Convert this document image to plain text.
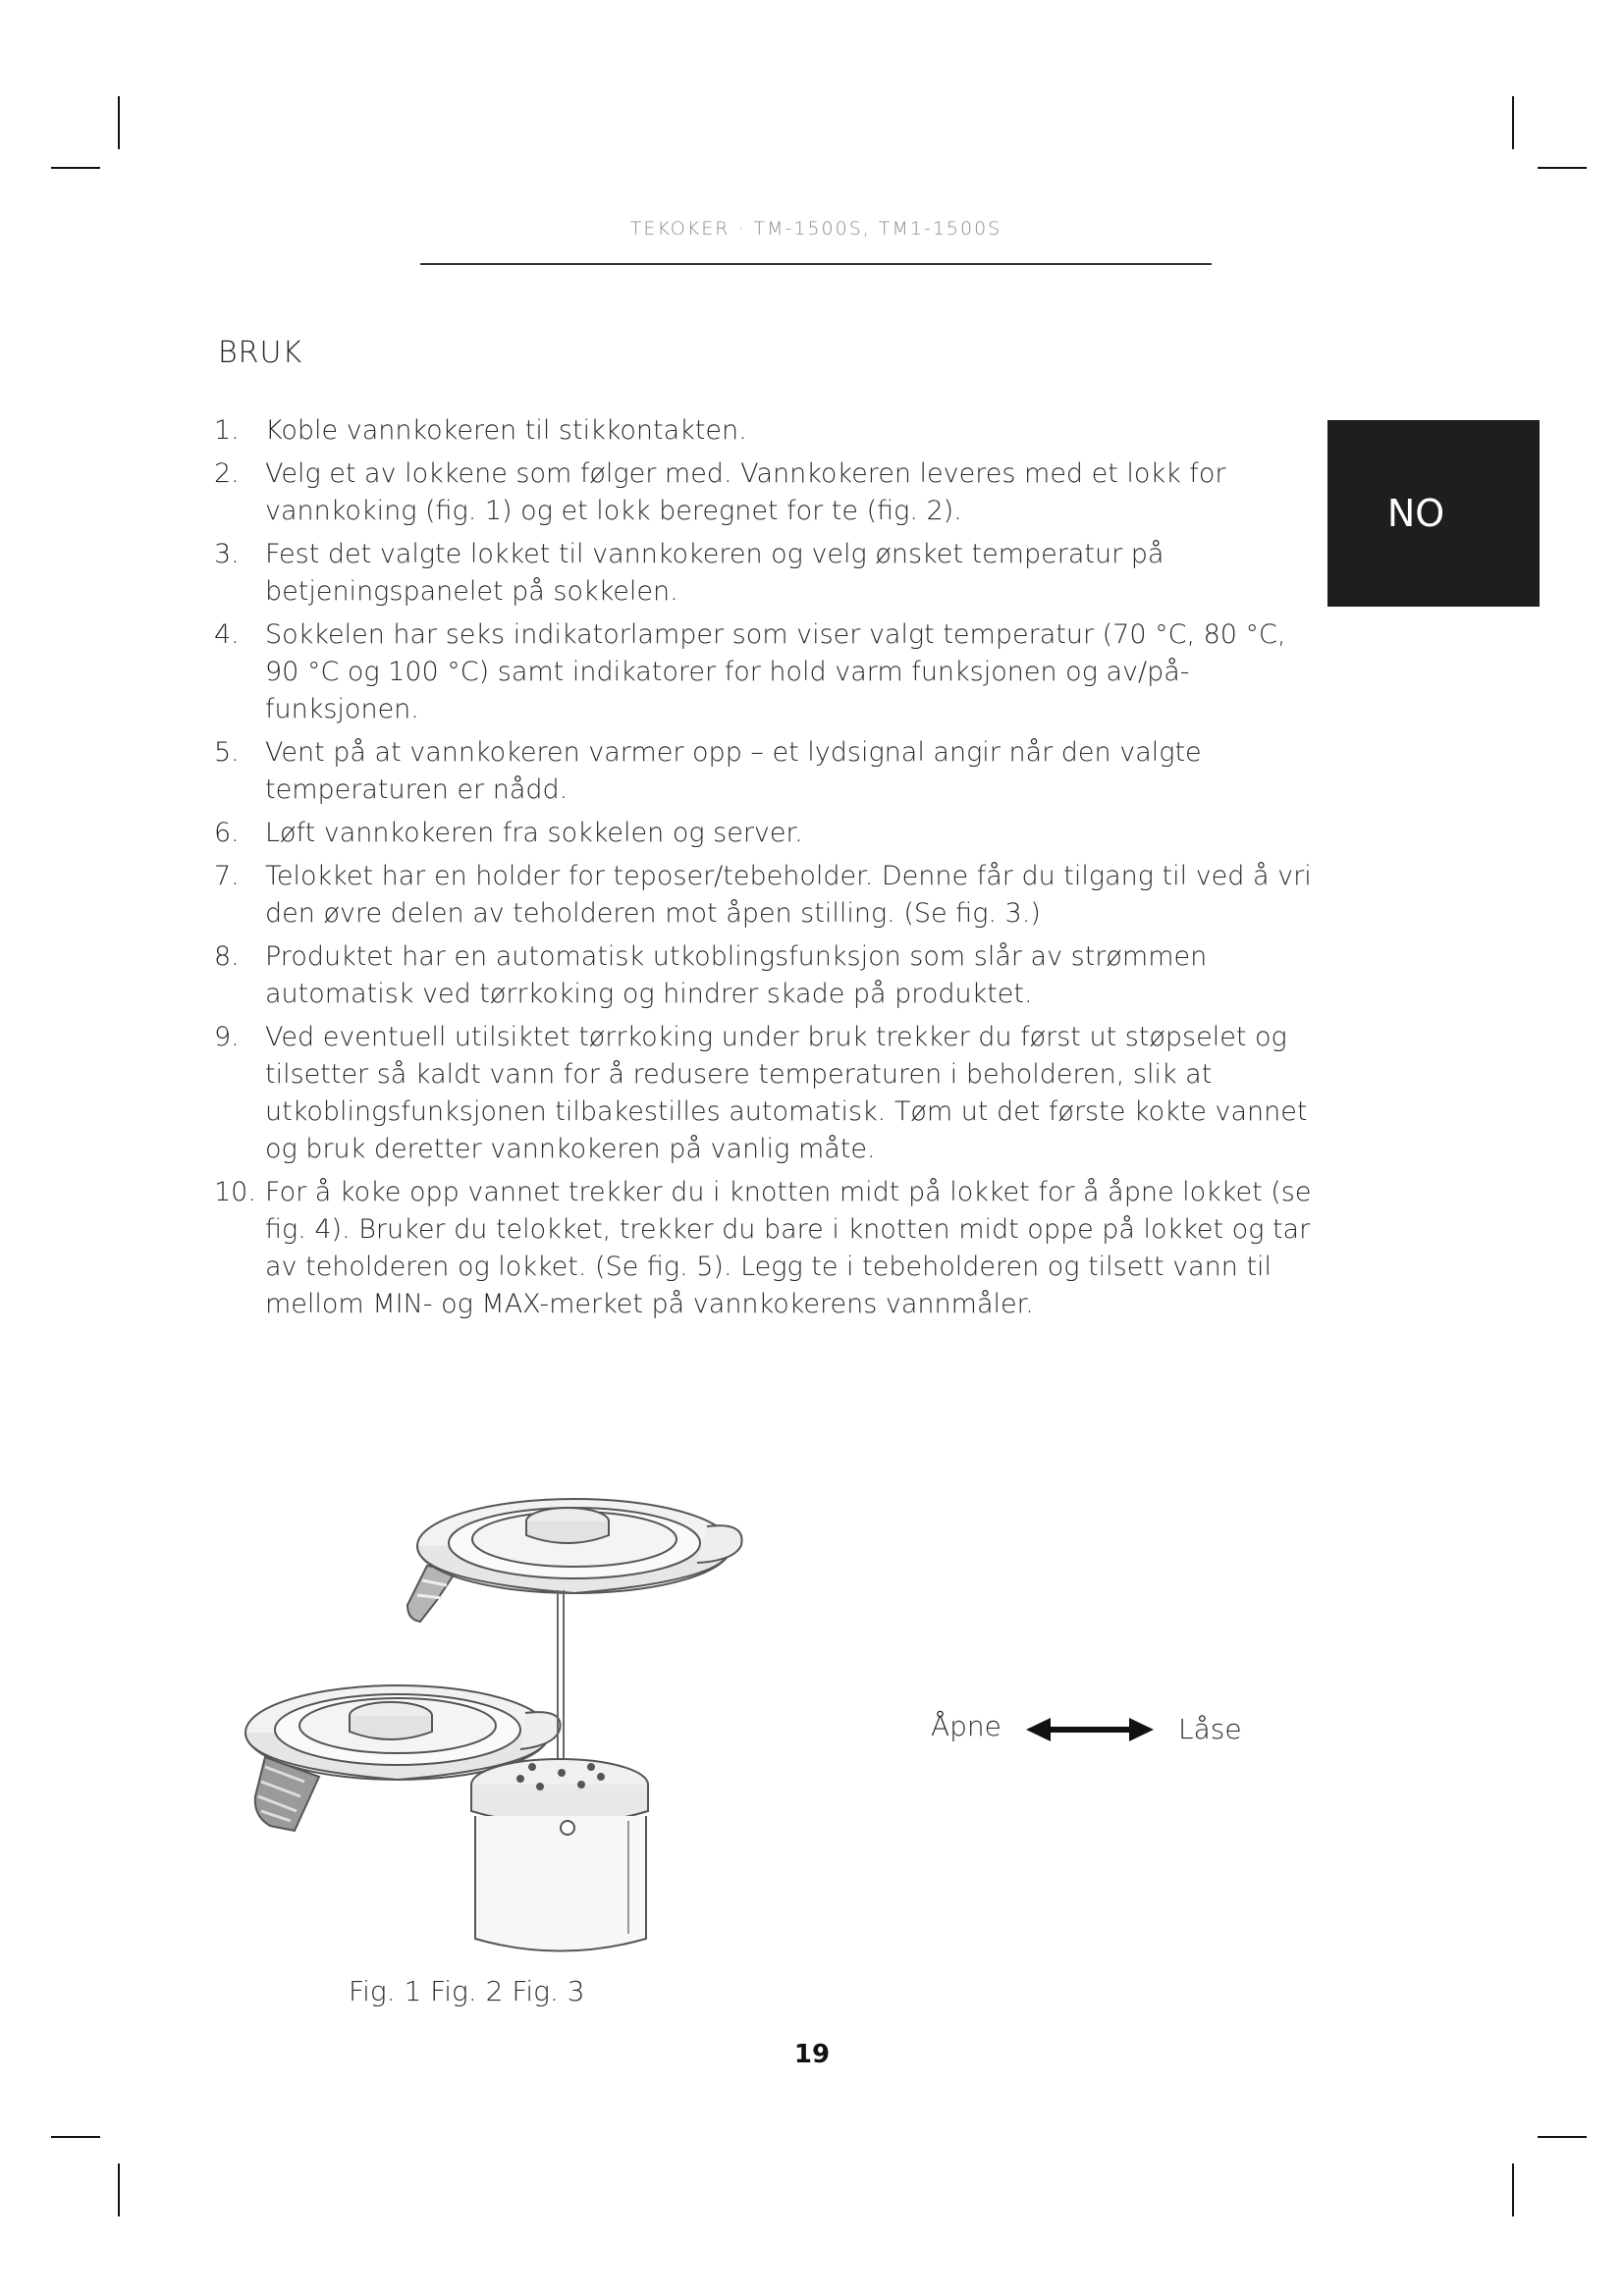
TEKOKER · TM-1500S, TM1-1500S
NO
BRUK
1. Koble vannkokeren til stikkontakten.
2. Velg et av lokkene som følger med. Vannkokeren leveres med et lokk for vannkoking (fig. 1) og et lokk beregnet for te (fig. 2).
3. Fest det valgte lokket til vannkokeren og velg ønsket temperatur på betjeningspanelet på sokkelen.
4. Sokkelen har seks indikatorlamper som viser valgt temperatur (70 °C, 80 °C, 90 °C og 100 °C) samt indikatorer for hold varm funksjonen og av/på-funksjonen.
5. Vent på at vannkokeren varmer opp – et lydsignal angir når den valgte temperaturen er nådd.
6. Løft vannkokeren fra sokkelen og server.
7. Telokket har en holder for teposer/tebeholder. Denne får du tilgang til ved å vri den øvre delen av teholderen mot åpen stilling. (Se fig. 3.)
8. Produktet har en automatisk utkoblingsfunksjon som slår av strømmen automatisk ved tørrkoking og hindrer skade på produktet.
9. Ved eventuell utilsiktet tørrkoking under bruk trekker du først ut støpselet og tilsetter så kaldt vann for å redusere temperaturen i beholderen, slik at utkoblingsfunksjonen tilbakestilles automatisk. Tøm ut det første kokte vannet og bruk deretter vannkokeren på vanlig måte.
10. For å koke opp vannet trekker du i knotten midt på lokket for å åpne lokket (se fig. 4). Bruker du telokket, trekker du bare i knotten midt oppe på lokket og tar av teholderen og lokket. (Se fig. 5). Legg te i tebeholderen og tilsett vann til mellom MIN- og MAX-merket på vannkokerens vannmåler.
Åpne	Låse
Fig. 1 Fig. 2 Fig. 3
19
